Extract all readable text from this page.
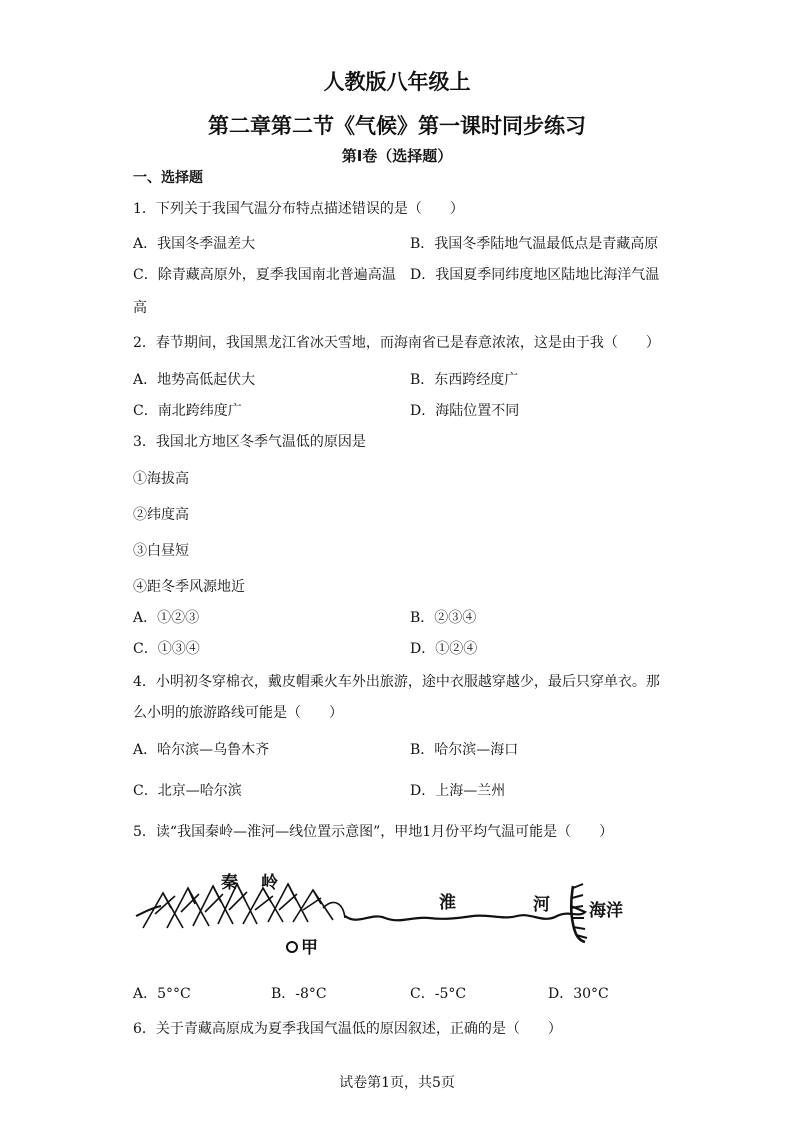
人教版八年级上
第二章第二节《气候》第一课时同步练习
第I卷（选择题）
一、选择题
1．下列关于我国气温分布特点描述错误的是（　　）
A．我国冬季温差大	B．我国冬季陆地气温最低点是青藏高原
C．除青藏高原外，夏季我国南北普遍高温 D．我国夏季同纬度地区陆地比海洋气温
高
2．春节期间，我国黑龙江省冰天雪地，而海南省已是春意浓浓，这是由于我（　　）
A．地势高低起伏大	B．东西跨经度广
C．南北跨纬度广	D．海陆位置不同
3．我国北方地区冬季气温低的原因是
①海拔高
②纬度高
③白昼短
④距冬季风源地近
A．①②③	B．②③④
C．①③④	D．①②④
4．小明初冬穿棉衣，戴皮帽乘火车外出旅游，途中衣服越穿越少，最后只穿单衣。那
么小明的旅游路线可能是（　　）
A．哈尔滨—乌鲁木齐	B．哈尔滨—海口
C．北京—哈尔滨	D．上海—兰州
5．读“我国秦岭—淮河—线位置示意图”，甲地1月份平均气温可能是（　　）
秦 岭
淮	河 海洋
甲
A．5°°C	B．-8°C	C．-5°C	D．30°C
6．关于青藏高原成为夏季我国气温低的原因叙述，正确的是（　　）
试卷第1页，共5页
